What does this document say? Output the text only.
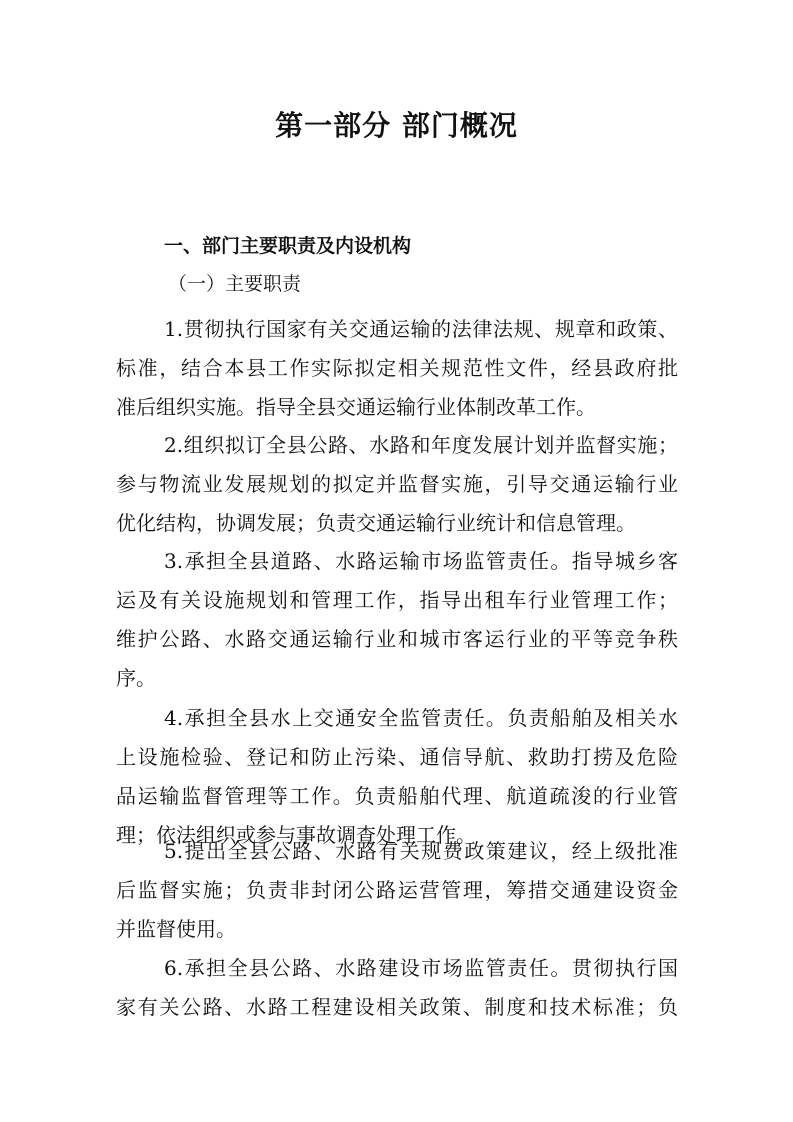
第一部分 部门概况
一、部门主要职责及内设机构
（一）主要职责
1.贯彻执行国家有关交通运输的法律法规、规章和政策、
标准，结合本县工作实际拟定相关规范性文件，经县政府批
准后组织实施。指导全县交通运输行业体制改革工作。
2.组织拟订全县公路、水路和年度发展计划并监督实施；
参与物流业发展规划的拟定并监督实施，引导交通运输行业
优化结构，协调发展；负责交通运输行业统计和信息管理。
3.承担全县道路、水路运输市场监管责任。指导城乡客
运及有关设施规划和管理工作，指导出租车行业管理工作；
维护公路、水路交通运输行业和城市客运行业的平等竞争秩
序。
4.承担全县水上交通安全监管责任。负责船舶及相关水
上设施检验、登记和防止污染、通信导航、救助打捞及危险
品运输监督管理等工作。负责船舶代理、航道疏浚的行业管
理；依法组织或参与事故调查处理工作。
5.提出全县公路、水路有关规费政策建议，经上级批准
后监督实施；负责非封闭公路运营管理，筹措交通建设资金
并监督使用。
6.承担全县公路、水路建设市场监管责任。贯彻执行国
家有关公路、水路工程建设相关政策、制度和技术标准；负
